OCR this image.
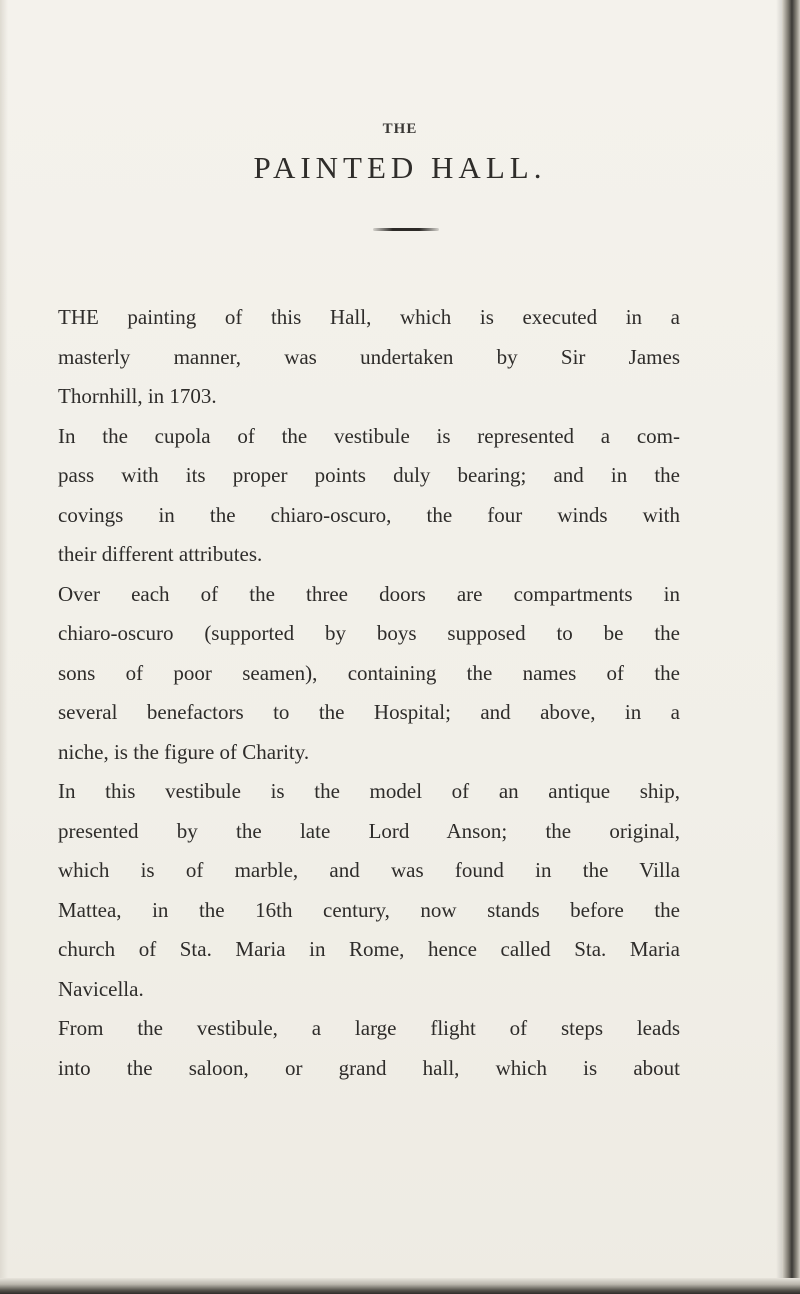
THE
PAINTED HALL.
THE painting of this Hall, which is executed in a
masterly manner, was undertaken by Sir James
Thornhill, in 1703.
In the cupola of the vestibule is represented a com-
pass with its proper points duly bearing; and in the
covings in the chiaro-oscuro, the four winds with
their different attributes.
Over each of the three doors are compartments in
chiaro-oscuro (supported by boys supposed to be the
sons of poor seamen), containing the names of the
several benefactors to the Hospital; and above, in a
niche, is the figure of Charity.
In this vestibule is the model of an antique ship,
presented by the late Lord Anson; the original,
which is of marble, and was found in the Villa
Mattea, in the 16th century, now stands before the
church of Sta. Maria in Rome, hence called Sta. Maria
Navicella.
From the vestibule, a large flight of steps leads
into the saloon, or grand hall, which is about
